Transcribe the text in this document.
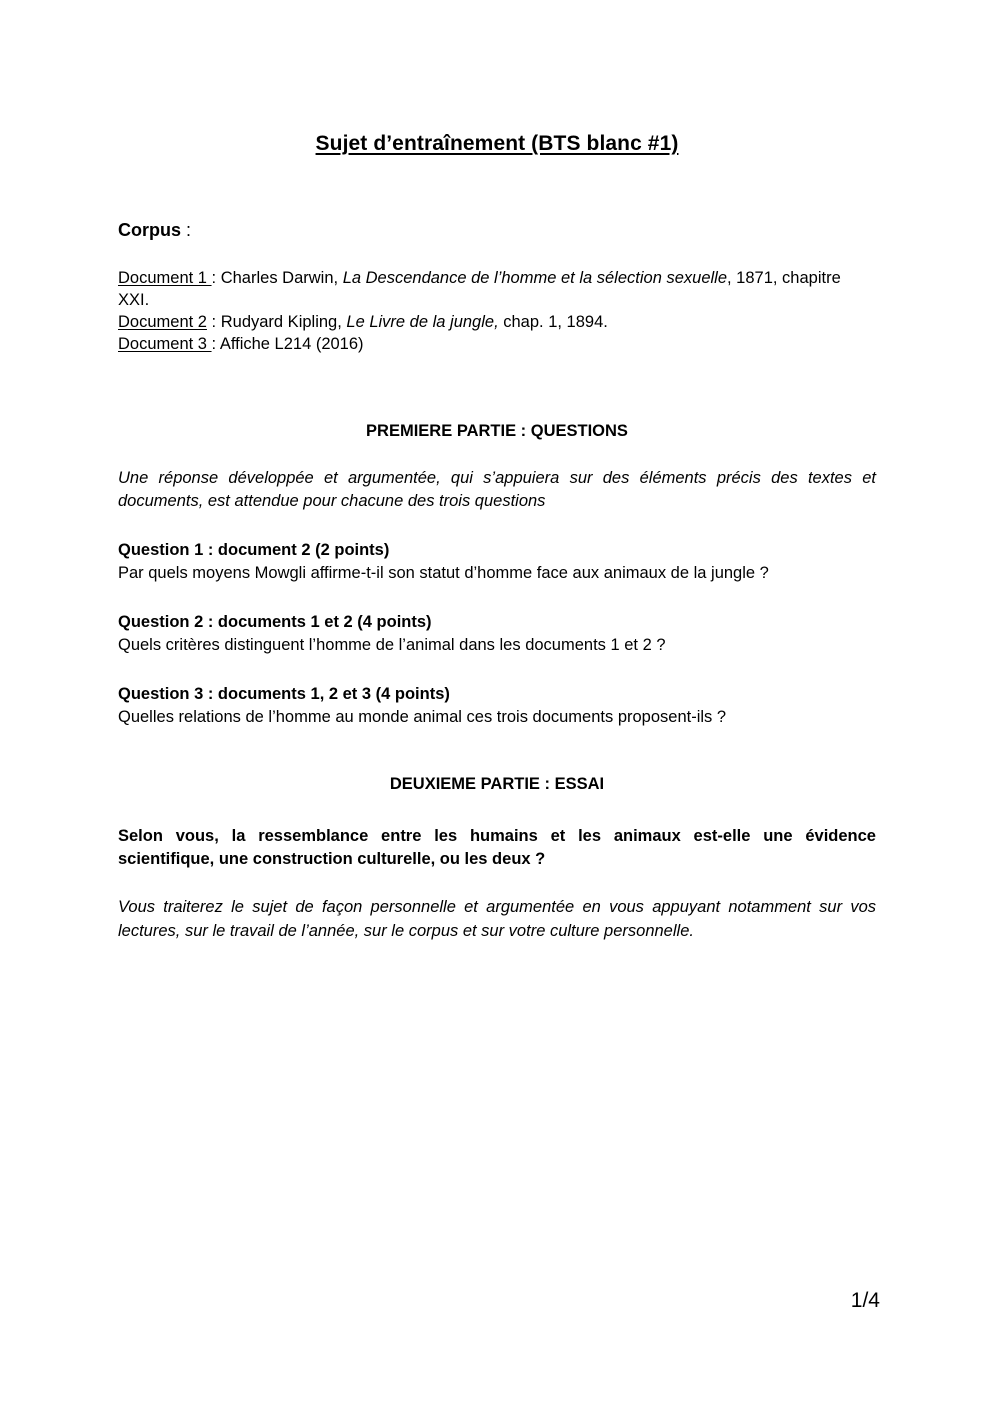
Sujet d’entraînement (BTS blanc #1)

Corpus :

Document 1 : Charles Darwin, La Descendance de l’homme et la sélection sexuelle, 1871, chapitre XXI.

Document 2 : Rudyard Kipling, Le Livre de la jungle, chap. 1, 1894.

Document 3 : Affiche L214 (2016)

PREMIERE PARTIE : QUESTIONS

Une réponse développée et argumentée, qui s’appuiera sur des éléments précis des textes et documents, est attendue pour chacune des trois questions

Question 1 : document 2 (2 points)

Par quels moyens Mowgli affirme-t-il son statut d’homme face aux animaux de la jungle ?

Question 2 : documents 1 et 2 (4 points)

Quels critères distinguent l’homme de l’animal dans les documents 1 et 2 ?

Question 3 : documents 1, 2 et 3 (4 points)

Quelles relations de l’homme au monde animal ces trois documents proposent-ils ?

DEUXIEME PARTIE : ESSAI

Selon vous, la ressemblance entre les humains et les animaux est-elle une évidence scientifique, une construction culturelle, ou les deux ?

Vous traiterez le sujet de façon personnelle et argumentée en vous appuyant notamment sur vos lectures, sur le travail de l’année, sur le corpus et sur votre culture personnelle.

1/4
